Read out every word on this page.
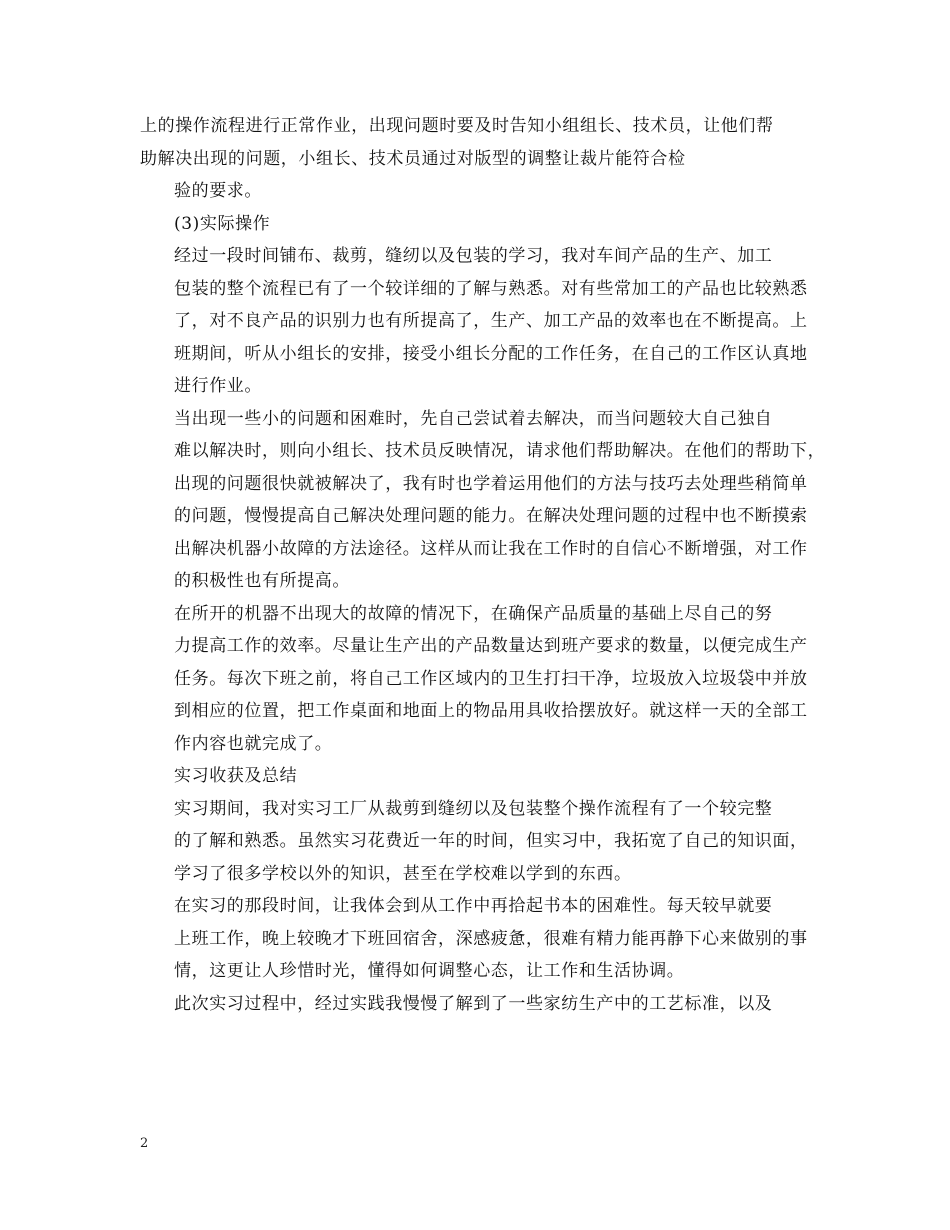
上的操作流程进行正常作业，出现问题时要及时告知小组组长、技术员，让他们帮
助解决出现的问题，小组长、技术员通过对版型的调整让裁片能符合检

验的要求。

(3)实际操作

经过一段时间铺布、裁剪，缝纫以及包装的学习，我对车间产品的生产、加工
包装的整个流程已有了一个较详细的了解与熟悉。对有些常加工的产品也比较熟悉
了，对不良产品的识别力也有所提高了，生产、加工产品的效率也在不断提高。上
班期间，听从小组长的安排，接受小组长分配的工作任务，在自己的工作区认真地
进行作业。

当出现一些小的问题和困难时，先自己尝试着去解决，而当问题较大自己独自
难以解决时，则向小组长、技术员反映情况，请求他们帮助解决。在他们的帮助下，
出现的问题很快就被解决了，我有时也学着运用他们的方法与技巧去处理些稍简单
的问题，慢慢提高自己解决处理问题的能力。在解决处理问题的过程中也不断摸索
出解决机器小故障的方法途径。这样从而让我在工作时的自信心不断增强，对工作
的积极性也有所提高。

在所开的机器不出现大的故障的情况下，在确保产品质量的基础上尽自己的努
力提高工作的效率。尽量让生产出的产品数量达到班产要求的数量，以便完成生产
任务。每次下班之前，将自己工作区域内的卫生打扫干净，垃圾放入垃圾袋中并放
到相应的位置，把工作桌面和地面上的物品用具收拾摆放好。就这样一天的全部工
作内容也就完成了。

实习收获及总结

实习期间，我对实习工厂从裁剪到缝纫以及包装整个操作流程有了一个较完整
的了解和熟悉。虽然实习花费近一年的时间，但实习中，我拓宽了自己的知识面，
学习了很多学校以外的知识，甚至在学校难以学到的东西。

在实习的那段时间，让我体会到从工作中再拾起书本的困难性。每天较早就要
上班工作，晚上较晚才下班回宿舍，深感疲惫，很难有精力能再静下心来做别的事
情，这更让人珍惜时光，懂得如何调整心态，让工作和生活协调。

此次实习过程中，经过实践我慢慢了解到了一些家纺生产中的工艺标准，以及

2
